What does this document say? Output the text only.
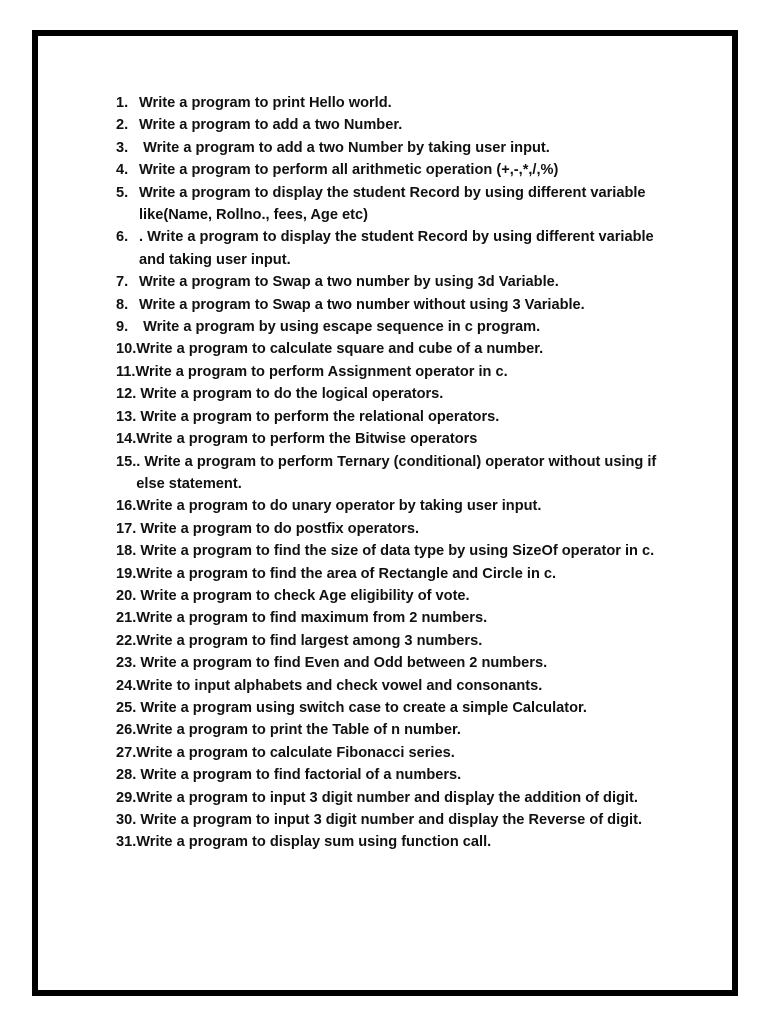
1. Write a program to print Hello world.
2. Write a program to add a two Number.
3. Write a program to add a two Number by taking user input.
4. Write a program to perform all arithmetic operation (+,-,*,/,%)
5. Write a program to display the student Record by using different variable like(Name, Rollno., fees, Age etc)
6. . Write a program to display the student Record by using different variable and taking user input.
7. Write a program to Swap a two number by using 3d Variable.
8. Write a program to Swap a two number without using 3 Variable.
9. Write a program by using escape sequence in c program.
10. Write a program to calculate square and cube of a number.
11. Write a program to perform Assignment operator in c.
12. Write a program to do the logical operators.
13. Write a program to perform the relational operators.
14. Write a program to perform the Bitwise operators
15. . Write a program to perform Ternary (conditional) operator without using if else statement.
16. Write a program to do unary operator by taking user input.
17. Write a program to do postfix operators.
18. Write a program to find the size of data type by using SizeOf operator in c.
19. Write a program to find the area of Rectangle and Circle in c.
20. Write a program to check Age eligibility of vote.
21. Write a program to find maximum from 2 numbers.
22. Write a program to find largest among 3 numbers.
23. Write a program to find Even and Odd between 2 numbers.
24. Write to input alphabets and check vowel and consonants.
25. Write a program using switch case to create a simple Calculator.
26. Write a program to print the Table of n number.
27. Write a program to calculate Fibonacci series.
28. Write a program to find factorial of a numbers.
29. Write a program to input 3 digit number and display the addition of digit.
30. Write a program to input 3 digit number and display the Reverse of digit.
31. Write a program to display sum using function call.
